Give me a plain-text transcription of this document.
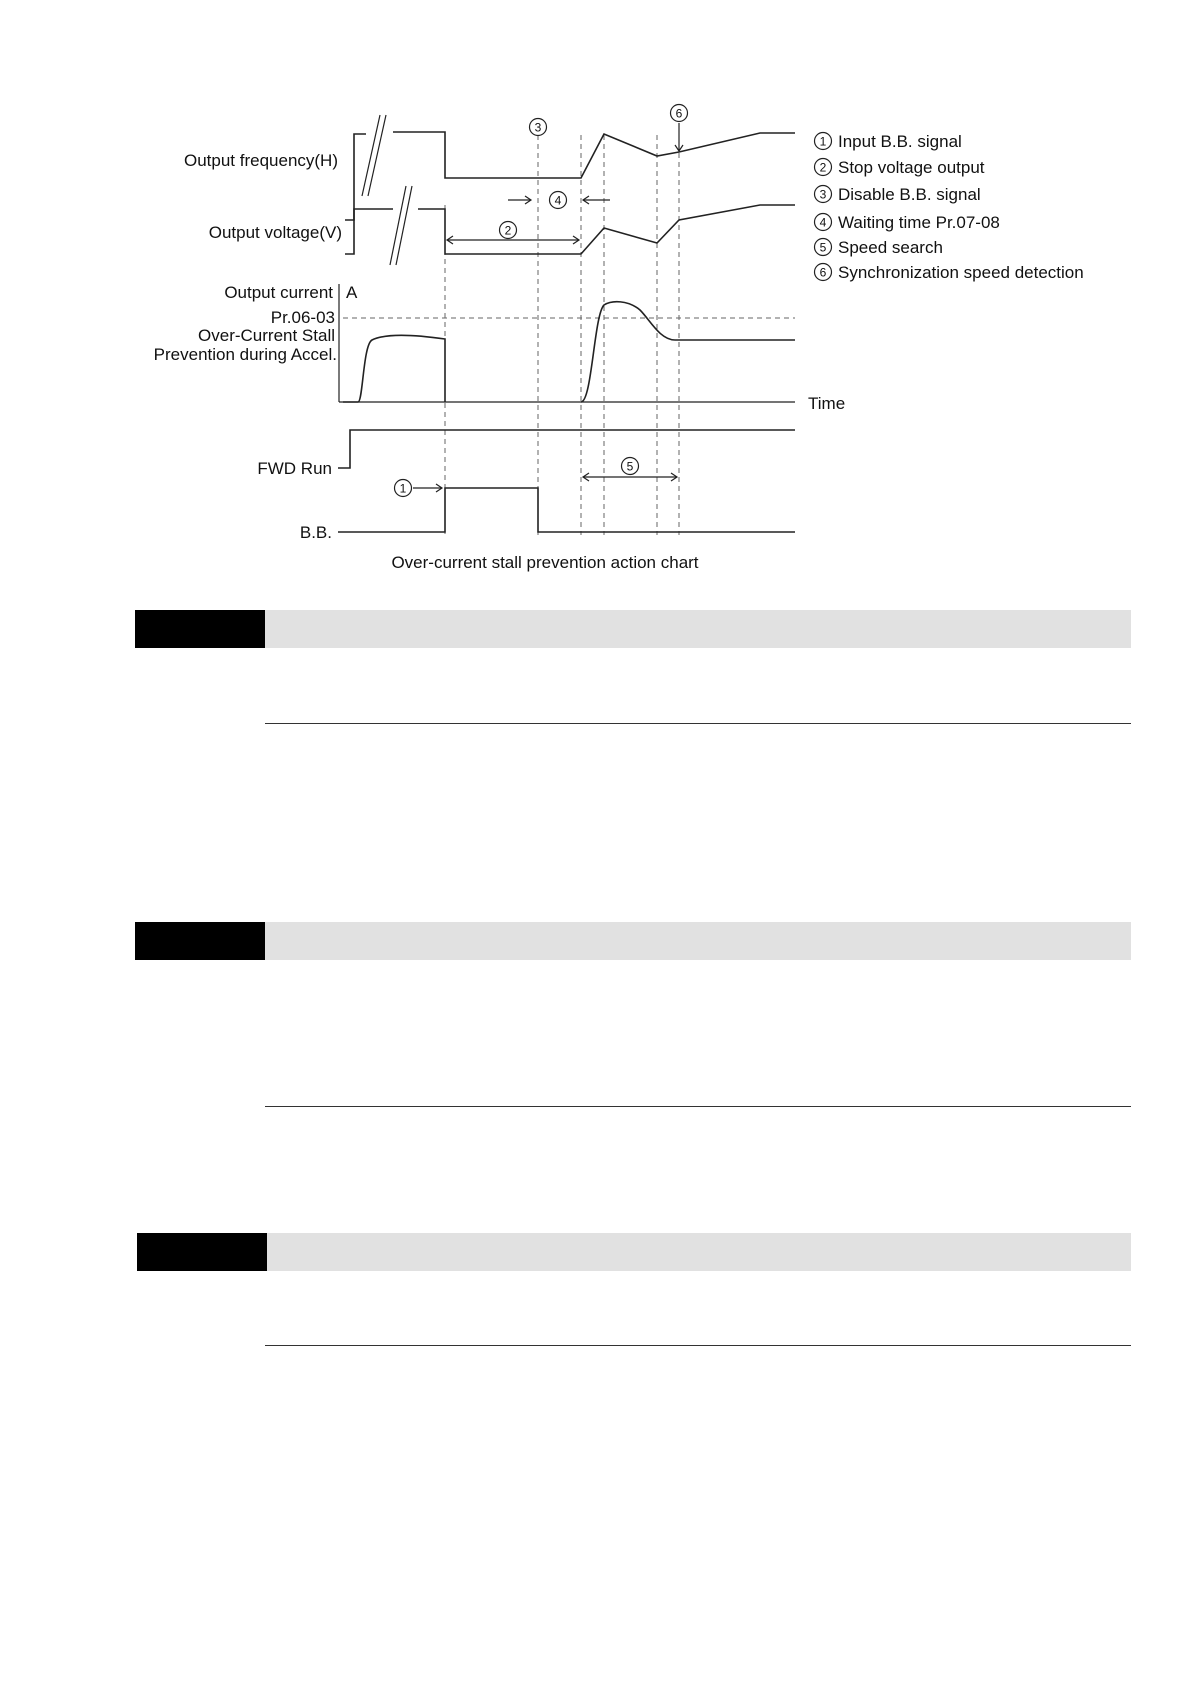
3
6
4
2
5
1
Output frequency(H)
Output voltage(V)
Output current A
Pr.06-03
Over-Current Stall
Prevention during Accel.
Time
FWD Run
B.B.
Over-current stall prevention action chart
1 Input B.B. signal
2 Stop voltage output
3 Disable B.B. signal
4 Waiting time Pr.07-08
5 Speed search
6 Synchronization speed detection
